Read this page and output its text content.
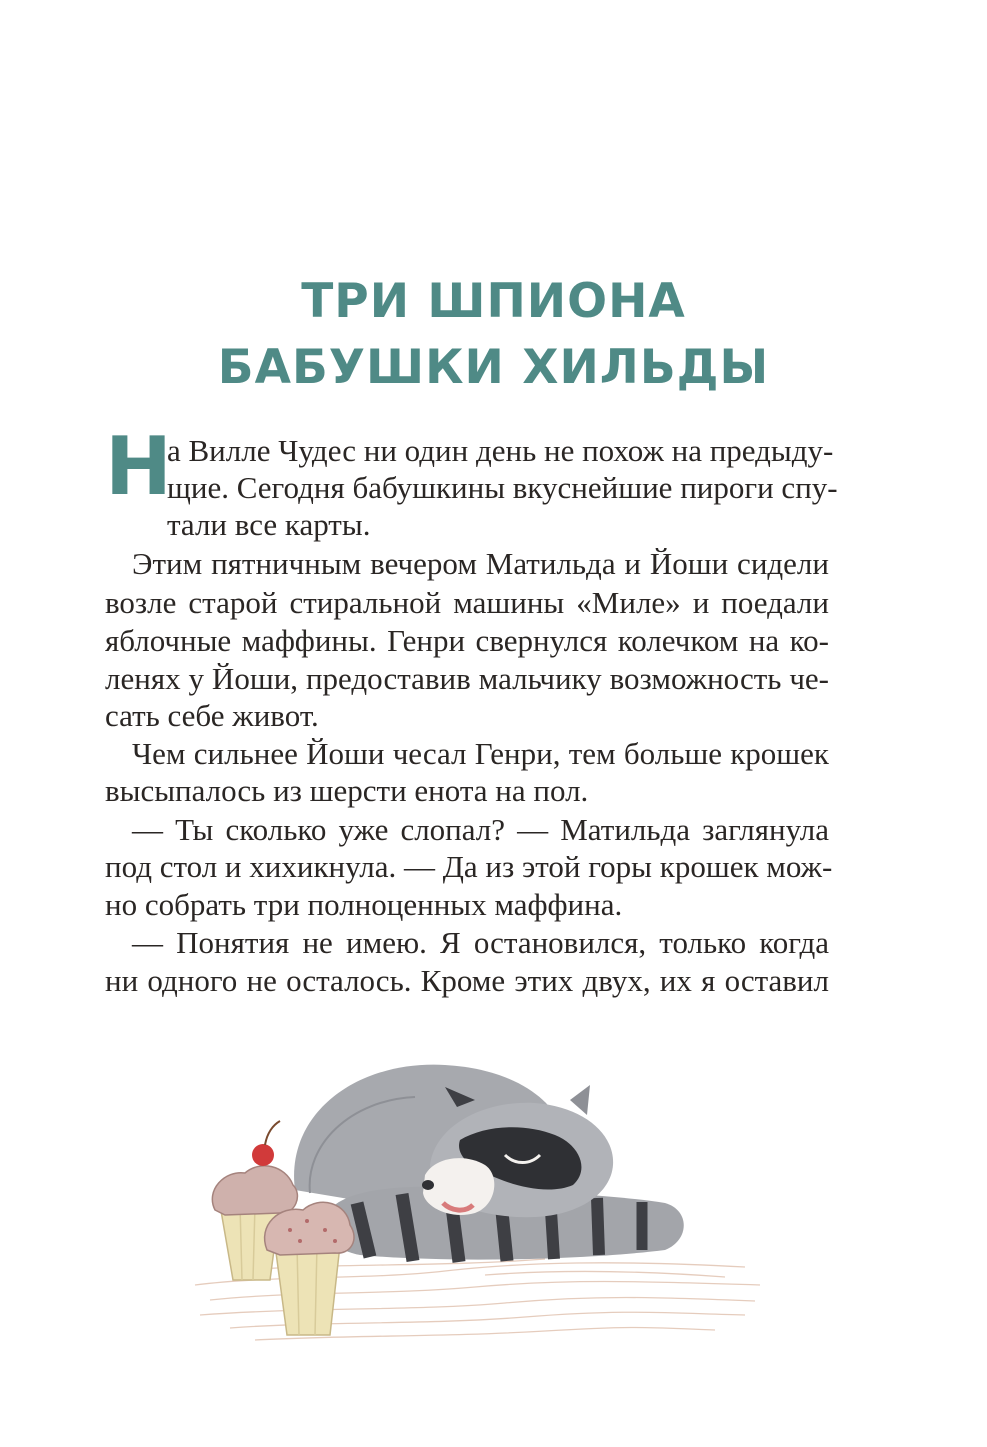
ТРИ ШПИОНА
БАБУШКИ ХИЛЬДЫ
Н
а Вилле Чудес ни один день не похож на предыду-
щие. Сегодня бабушкины вкуснейшие пироги спу-
тали все карты.
Этим пятничным вечером Матильда и Йоши сидели
возле старой стиральной машины «Миле» и поедали
яблочные маффины. Генри свернулся колечком на ко-
ленях у Йоши, предоставив мальчику возможность че-
сать себе живот.
Чем сильнее Йоши чесал Генри, тем больше крошек
высыпалось из шерсти енота на пол.
— Ты сколько уже слопал? — Матильда заглянула
под стол и хихикнула. — Да из этой горы крошек мож-
но собрать три полноценных маффина.
— Понятия не имею. Я остановился, только когда
ни одного не осталось. Кроме этих двух, их я оставил
